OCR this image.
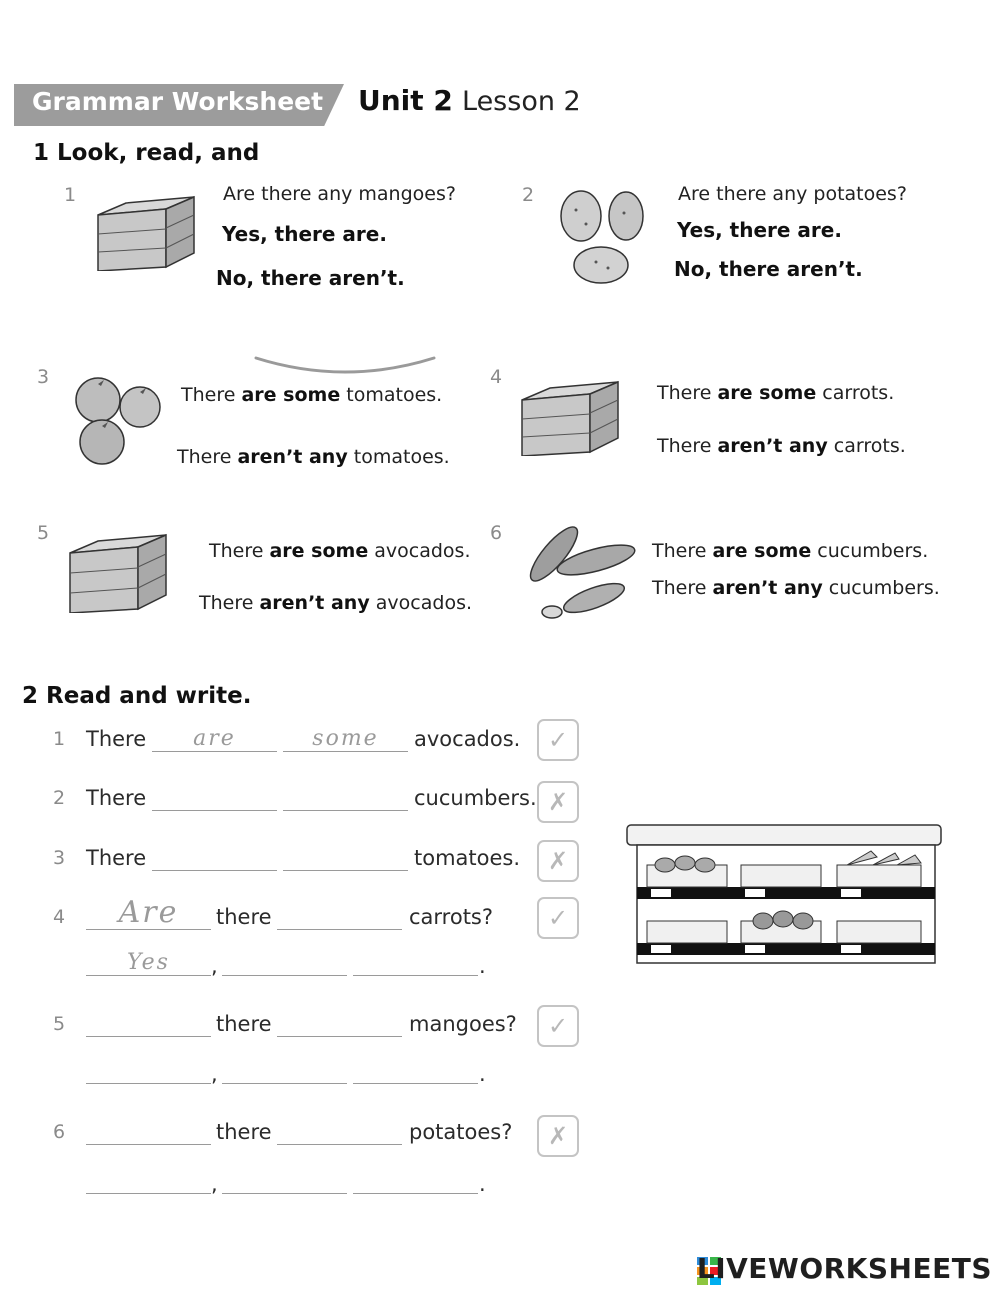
Grammar Worksheet Unit 2 Lesson 2
1 Look, read, and
1	Are there any mangoes?
Yes, there are.
No, there aren’t.
2	Are there any potatoes?
Yes, there are.
No, there aren’t.
3
There are some tomatoes.
There aren’t any tomatoes.
4
There are some carrots.
There aren’t any carrots.
5
There are some avocados.
There aren’t any avocados.
6
There are some cucumbers.
There aren’t any cucumbers.
2 Read and write.
1 There	are	some	avocados.	✓
2 There	cucumbers. ✗
3 There	tomatoes.	✗
4	Are	there	carrots?	✓
Yes	,	.
5	there	mangoes?	✓
,	.
6	there	potatoes?	✗
,	.
LIVEWORKSHEETS
